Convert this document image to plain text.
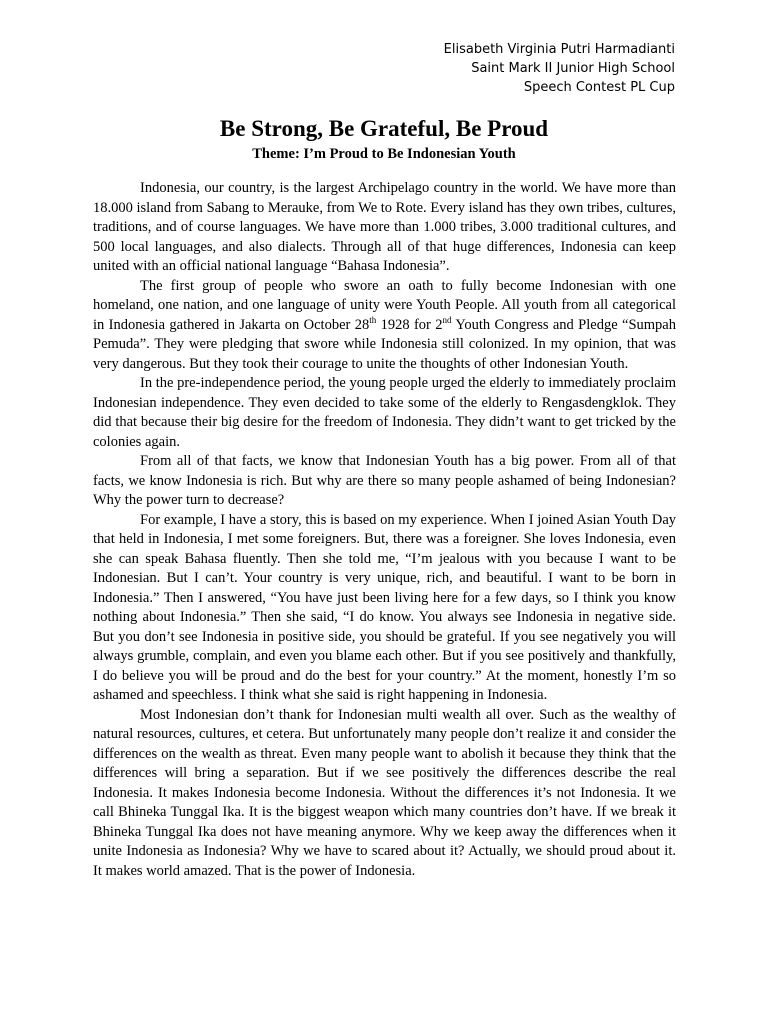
Elisabeth Virginia Putri Harmadianti
Saint Mark II Junior High School
Speech Contest PL Cup
Be Strong, Be Grateful, Be Proud
Theme: I’m Proud to Be Indonesian Youth

Indonesia, our country, is the largest Archipelago country in the world. We have more than 18.000 island from Sabang to Meraukе, from We to Rote. Every island has they own tribes, cultures, traditions, and of course languages. We have more than 1.000 tribes, 3.000 traditional cultures, and 500 local languages, and also dialects. Through all of that huge differences, Indonesia can keep united with an official national language “Bahasa Indonesia”.

The first group of people who swore an oath to fully become Indonesian with one homeland, one nation, and one language of unity were Youth People. All youth from all categorical in Indonesia gathered in Jakarta on October 28th 1928 for 2nd Youth Congress and Pledge “Sumpah Pemuda”. They were pledging that swore while Indonesia still colonized. In my opinion, that was very dangerous. But they took their courage to unite the thoughts of other Indonesian Youth.

In the pre-independence period, the young people urged the elderly to immediately proclaim Indonesian independence. They even decided to take some of the elderly to Rengasdengklok. They did that because their big desire for the freedom of Indonesia. They didn’t want to get tricked by the colonies again.

From all of that facts, we know that Indonesian Youth has a big power. From all of that facts, we know Indonesia is rich. But why are there so many people ashamed of being Indonesian? Why the power turn to decrease?

For example, I have a story, this is based on my experience. When I joined Asian Youth Day that held in Indonesia, I met some foreigners. But, there was a foreigner. She loves Indonesia, even she can speak Bahasa fluently. Then she told me, “I’m jealous with you because I want to be Indonesian. But I can’t. Your country is very unique, rich, and beautiful. I want to be born in Indonesia.” Then I answered, “You have just been living here for a few days, so I think you know nothing about Indonesia.” Then she said, “I do know. You always see Indonesia in negative side. But you don’t see Indonesia in positive side, you should be grateful. If you see negatively you will always grumble, complain, and even you blame each other. But if you see positively and thankfully, I do believe you will be proud and do the best for your country.” At the moment, honestly I’m so ashamed and speechless. I think what she said is right happening in Indonesia.

Most Indonesian don’t thank for Indonesian multi wealth all over. Such as the wealthy of natural resources, cultures, et cetera. But unfortunately many people don’t realize it and consider the differences on the wealth as threat. Even many people want to abolish it because they think that the differences will bring a separation. But if we see positively the differences describe the real Indonesia. It makes Indonesia become Indonesia. Without the differences it’s not Indonesia. It we call Bhineka Tunggal Ika. It is the biggest weapon which many countries don’t have. If we break it Bhineka Tunggal Ika does not have meaning anymore. Why we keep away the differences when it unite Indonesia as Indonesia? Why we have to scared about it? Actually, we should proud about it. It makes world amazed. That is the power of Indonesia.
